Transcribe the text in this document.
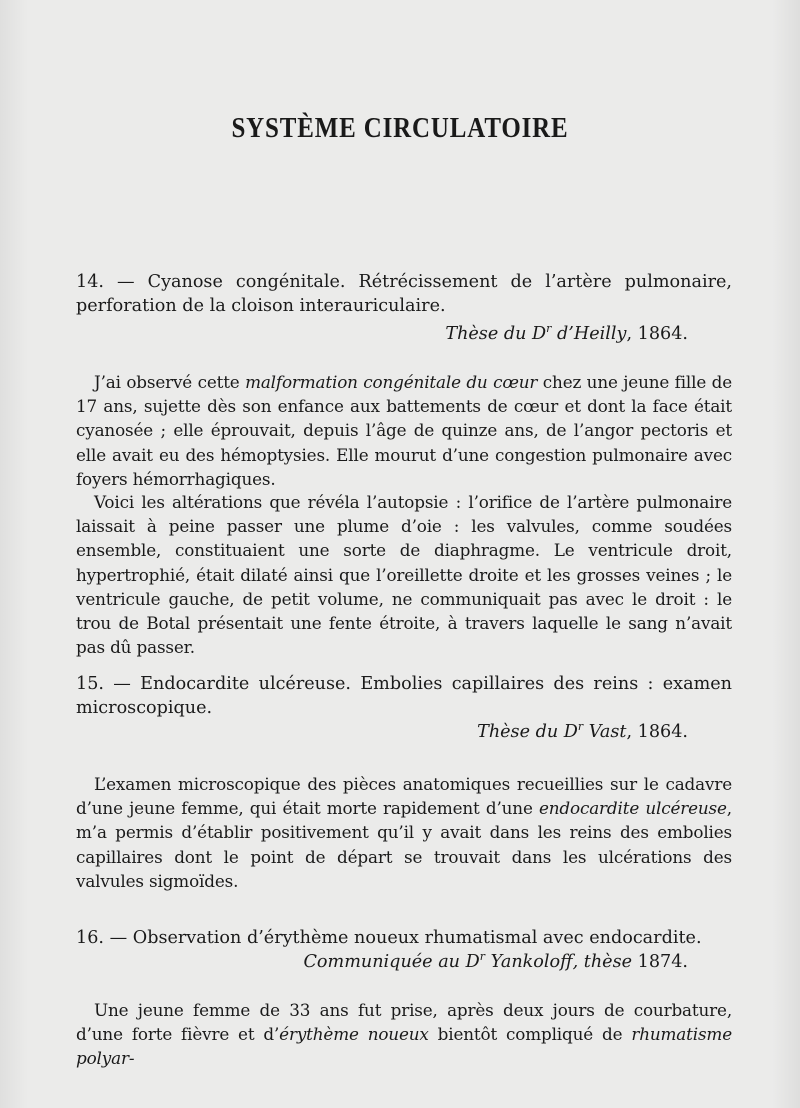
SYSTÈME CIRCULATOIRE
14. — Cyanose congénitale. Rétrécissement de l’artère pulmonaire, perforation de la cloison interauriculaire.
Thèse du $D^r$ d’Heilly, 1864.

J’ai observé cette malformation congénitale du cœur chez une jeune fille de 17 ans, sujette dès son enfance aux battements de cœur et dont la face était cyanosée ; elle éprouvait, depuis l’âge de quinze ans, de l’angor pectoris et elle avait eu des hémoptysies. Elle mourut d’une congestion pulmonaire avec foyers hémorrhagiques.

Voici les altérations que révéla l’autopsie : l’orifice de l’artère pulmonaire laissait à peine passer une plume d’oie : les valvules, comme soudées ensemble, constituaient une sorte de diaphragme. Le ventricule droit, hypertrophié, était dilaté ainsi que l’oreillette droite et les grosses veines ; le ventricule gauche, de petit volume, ne communiquait pas avec le droit : le trou de Botal présentait une fente étroite, à travers laquelle le sang n’avait pas dû passer.

15. — Endocardite ulcéreuse. Embolies capillaires des reins : examen microscopique.
Thèse du $D^r$ Vast, 1864.

L’examen microscopique des pièces anatomiques recueillies sur le cadavre d’une jeune femme, qui était morte rapidement d’une endocardite ulcéreuse, m’a permis d’établir positivement qu’il y avait dans les reins des embolies capillaires dont le point de départ se trouvait dans les ulcérations des valvules sigmoïdes.

16. — Observation d’érythème noueux rhumatismal avec endocardite.
Communiquée au $D^r$ Yankoloff, thèse 1874.

Une jeune femme de 33 ans fut prise, après deux jours de courbature, d’une forte fièvre et d’érythème noueux bientôt compliqué de rhumatisme polyar-
